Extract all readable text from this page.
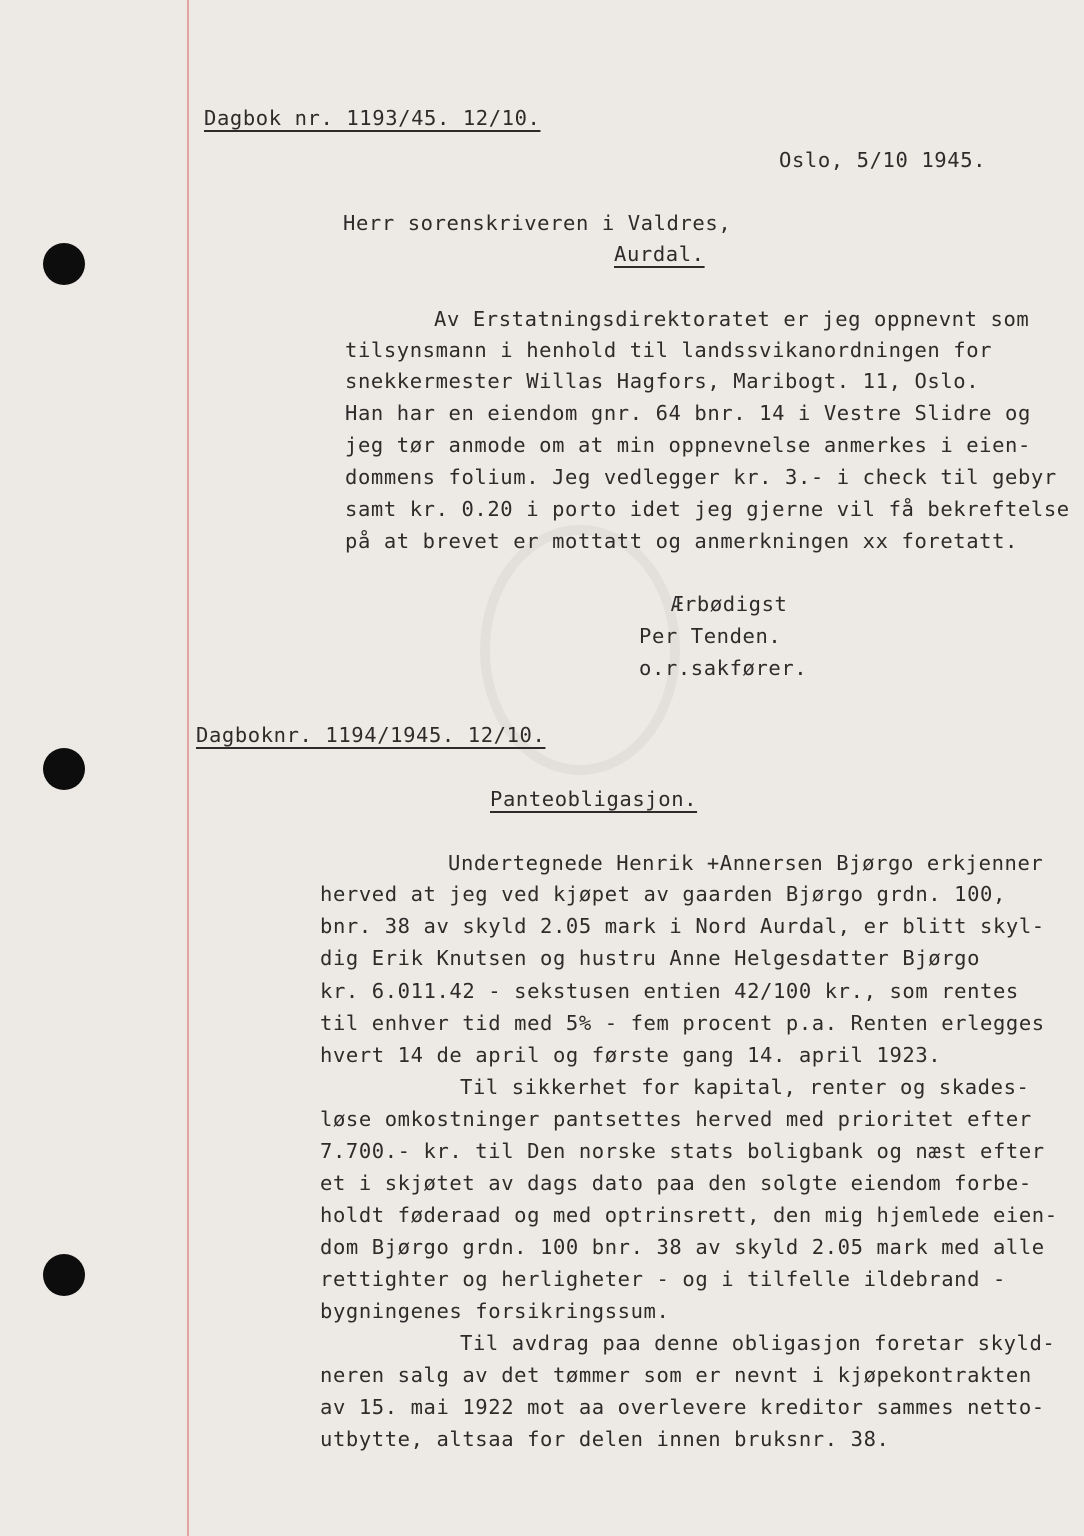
Dagbok nr. 1193/45. 12/10.
Oslo, 5/10 1945.
Herr sorenskriveren i Valdres,
Aurdal.
Av Erstatningsdirektoratet er jeg oppnevnt som
tilsynsmann i henhold til landssvikanordningen for
snekkermester Willas Hagfors, Maribogt. 11, Oslo.
Han har en eiendom gnr. 64 bnr. 14 i Vestre Slidre og
jeg tør anmode om at min oppnevnelse anmerkes i eien-
dommens folium. Jeg vedlegger kr. 3.- i check til gebyr
samt kr. 0.20 i porto idet jeg gjerne vil få bekreftelse
på at brevet er mottatt og anmerkningen xx foretatt.
Ærbødigst
Per Tenden.
o.r.sakfører.
Dagboknr. 1194/1945. 12/10.
Panteobligasjon.
Undertegnede Henrik +Annersen Bjørgo erkjenner
herved at jeg ved kjøpet av gaarden Bjørgo grdn. 100,
bnr. 38 av skyld 2.05 mark i Nord Aurdal, er blitt skyl-
dig Erik Knutsen og hustru Anne Helgesdatter Bjørgo
kr. 6.011.42 - sekstusen entien 42/100 kr., som rentes
til enhver tid med 5% - fem procent p.a. Renten erlegges
hvert 14 de april og første gang 14. april 1923.
Til sikkerhet for kapital, renter og skades-
løse omkostninger pantsettes herved med prioritet efter
7.700.- kr. til Den norske stats boligbank og næst efter
et i skjøtet av dags dato paa den solgte eiendom forbe-
holdt føderaad og med optrinsrett, den mig hjemlede eien-
dom Bjørgo grdn. 100 bnr. 38 av skyld 2.05 mark med alle
rettighter og herligheter - og i tilfelle ildebrand -
bygningenes forsikringssum.
Til avdrag paa denne obligasjon foretar skyld-
neren salg av det tømmer som er nevnt i kjøpekontrakten
av 15. mai 1922 mot aa overlevere kreditor sammes netto-
utbytte, altsaa for delen innen bruksnr. 38.
